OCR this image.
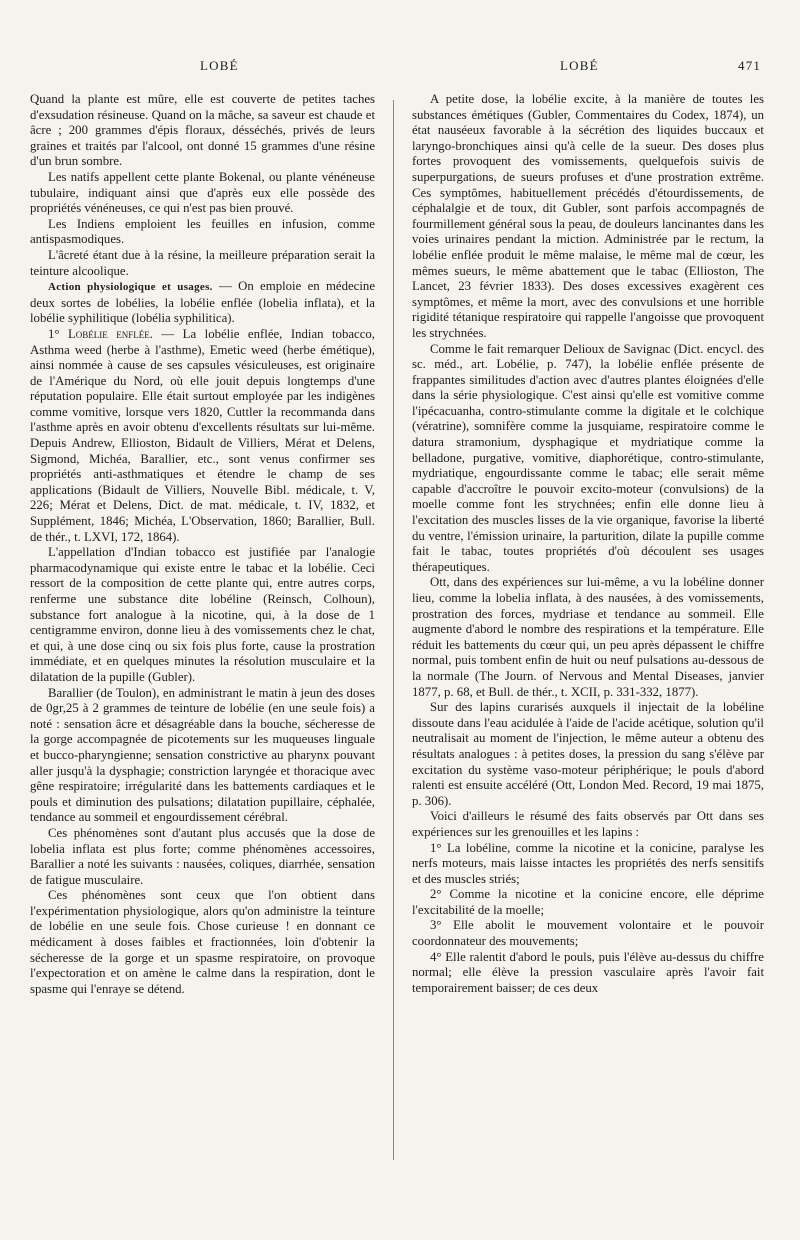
LOBÉ	LOBÉ	471

Quand la plante est mûre, elle est couverte de petites taches d'exsudation résineuse. Quand on la mâche, sa saveur est chaude et âcre ; 200 grammes d'épis floraux, désséchés, privés de leurs graines et traités par l'alcool, ont donné 15 grammes d'une résine d'un brun sombre.

Les natifs appellent cette plante Bokenal, ou plante vénéneuse tubulaire, indiquant ainsi que d'après eux elle possède des propriétés vénéneuses, ce qui n'est pas bien prouvé.

Les Indiens emploient les feuilles en infusion, comme antispasmodiques.

L'âcreté étant due à la résine, la meilleure préparation serait la teinture alcoolique.

Action physiologique et usages. — On emploie en médecine deux sortes de lobélies, la lobélie enflée (lobelia inflata), et la lobélie syphilitique (lobélia syphilitica).

1° Lobélie enflée. — La lobélie enflée, Indian tobacco, Asthma weed (herbe à l'asthme), Emetic weed (herbe émétique), ainsi nommée à cause de ses capsules vésiculeuses, est originaire de l'Amérique du Nord, où elle jouit depuis longtemps d'une réputation populaire. Elle était surtout employée par les indigènes comme vomitive, lorsque vers 1820, Cuttler la recommanda dans l'asthme après en avoir obtenu d'excellents résultats sur lui-même. Depuis Andrew, Ellioston, Bidault de Villiers, Mérat et Delens, Sigmond, Michéa, Barallier, etc., sont venus confirmer ses propriétés anti-asthmatiques et étendre le champ de ses applications (Bidault de Villiers, Nouvelle Bibl. médicale, t. V, 226; Mérat et Delens, Dict. de mat. médicale, t. IV, 1832, et Supplément, 1846; Michéa, L'Observation, 1860; Barallier, Bull. de thér., t. LXVI, 172, 1864).

L'appellation d'Indian tobacco est justifiée par l'analogie pharmacodynamique qui existe entre le tabac et la lobélie. Ceci ressort de la composition de cette plante qui, entre autres corps, renferme une substance dite lobéline (Reinsch, Colhoun), substance fort analogue à la nicotine, qui, à la dose de 1 centigramme environ, donne lieu à des vomissements chez le chat, et qui, à une dose cinq ou six fois plus forte, cause la prostration immédiate, et en quelques minutes la résolution musculaire et la dilatation de la pupille (Gubler).

Barallier (de Toulon), en administrant le matin à jeun des doses de 0gr,25 à 2 grammes de teinture de lobélie (en une seule fois) a noté : sensation âcre et désagréable dans la bouche, sécheresse de la gorge accompagnée de picotements sur les muqueuses linguale et bucco-pharyngienne; sensation constrictive au pharynx pouvant aller jusqu'à la dysphagie; constriction laryngée et thoracique avec gêne respiratoire; irrégularité dans les battements cardiaques et le pouls et diminution des pulsations; dilatation pupillaire, céphalée, tendance au sommeil et engourdissement cérébral.

Ces phénomènes sont d'autant plus accusés que la dose de lobelia inflata est plus forte; comme phénomènes accessoires, Barallier a noté les suivants : nausées, coliques, diarrhée, sensation de fatigue musculaire.

Ces phénomènes sont ceux que l'on obtient dans l'expérimentation physiologique, alors qu'on administre la teinture de lobélie en une seule fois. Chose curieuse ! en donnant ce médicament à doses faibles et fractionnées, loin d'obtenir la sécheresse de la gorge et un spasme respiratoire, on provoque l'expectoration et on amène le calme dans la respiration, dont le spasme qui l'enraye se détend.

A petite dose, la lobélie excite, à la manière de toutes les substances émétiques (Gubler, Commentaires du Codex, 1874), un état nauséeux favorable à la sécrétion des liquides buccaux et laryngo-bronchiques ainsi qu'à celle de la sueur. Des doses plus fortes provoquent des vomissements, quelquefois suivis de superpurgations, de sueurs profuses et d'une prostration extrême. Ces symptômes, habituellement précédés d'étourdissements, de céphalalgie et de toux, dit Gubler, sont parfois accompagnés de fourmillement général sous la peau, de douleurs lancinantes dans les voies urinaires pendant la miction. Administrée par le rectum, la lobélie enflée produit le même malaise, le même mal de cœur, les mêmes sueurs, le même abattement que le tabac (Ellioston, The Lancet, 23 février 1833). Des doses excessives exagèrent ces symptômes, et même la mort, avec des convulsions et une horrible rigidité tétanique respiratoire qui rappelle l'angoisse que provoquent les strychnées.

Comme le fait remarquer Delioux de Savignac (Dict. encycl. des sc. méd., art. Lobélie, p. 747), la lobélie enflée présente de frappantes similitudes d'action avec d'autres plantes éloignées d'elle dans la série physiologique. C'est ainsi qu'elle est vomitive comme l'ipécacuanha, contro-stimulante comme la digitale et le colchique (vératrine), somnifère comme la jusquiame, respiratoire comme le datura stramonium, dysphagique et mydriatique comme la belladone, purgative, vomitive, diaphorétique, contro-stimulante, mydriatique, engourdissante comme le tabac; elle serait même capable d'accroître le pouvoir excito-moteur (convulsions) de la moelle comme font les strychnées; enfin elle donne lieu à l'excitation des muscles lisses de la vie organique, favorise la liberté du ventre, l'émission urinaire, la parturition, dilate la pupille comme fait le tabac, toutes propriétés d'où découlent ses usages thérapeutiques.

Ott, dans des expériences sur lui-même, a vu la lobéline donner lieu, comme la lobelia inflata, à des nausées, à des vomissements, prostration des forces, mydriase et tendance au sommeil. Elle augmente d'abord le nombre des respirations et la température. Elle réduit les battements du cœur qui, un peu après dépassent le chiffre normal, puis tombent enfin de huit ou neuf pulsations au-dessous de la normale (The Journ. of Nervous and Mental Diseases, janvier 1877, p. 68, et Bull. de thér., t. XCII, p. 331-332, 1877).

Sur des lapins curarisés auxquels il injectait de la lobéline dissoute dans l'eau acidulée à l'aide de l'acide acétique, solution qu'il neutralisait au moment de l'injection, le même auteur a obtenu des résultats analogues : à petites doses, la pression du sang s'élève par excitation du système vaso-moteur périphérique; le pouls d'abord ralenti est ensuite accéléré (Ott, London Med. Record, 19 mai 1875, p. 306).

Voici d'ailleurs le résumé des faits observés par Ott dans ses expériences sur les grenouilles et les lapins :

1° La lobéline, comme la nicotine et la conicine, paralyse les nerfs moteurs, mais laisse intactes les propriétés des nerfs sensitifs et des muscles striés;

2° Comme la nicotine et la conicine encore, elle déprime l'excitabilité de la moelle;

3° Elle abolit le mouvement volontaire et le pouvoir coordonnateur des mouvements;

4° Elle ralentit d'abord le pouls, puis l'élève au-dessus du chiffre normal; elle élève la pression vasculaire après l'avoir fait temporairement baisser; de ces deux
